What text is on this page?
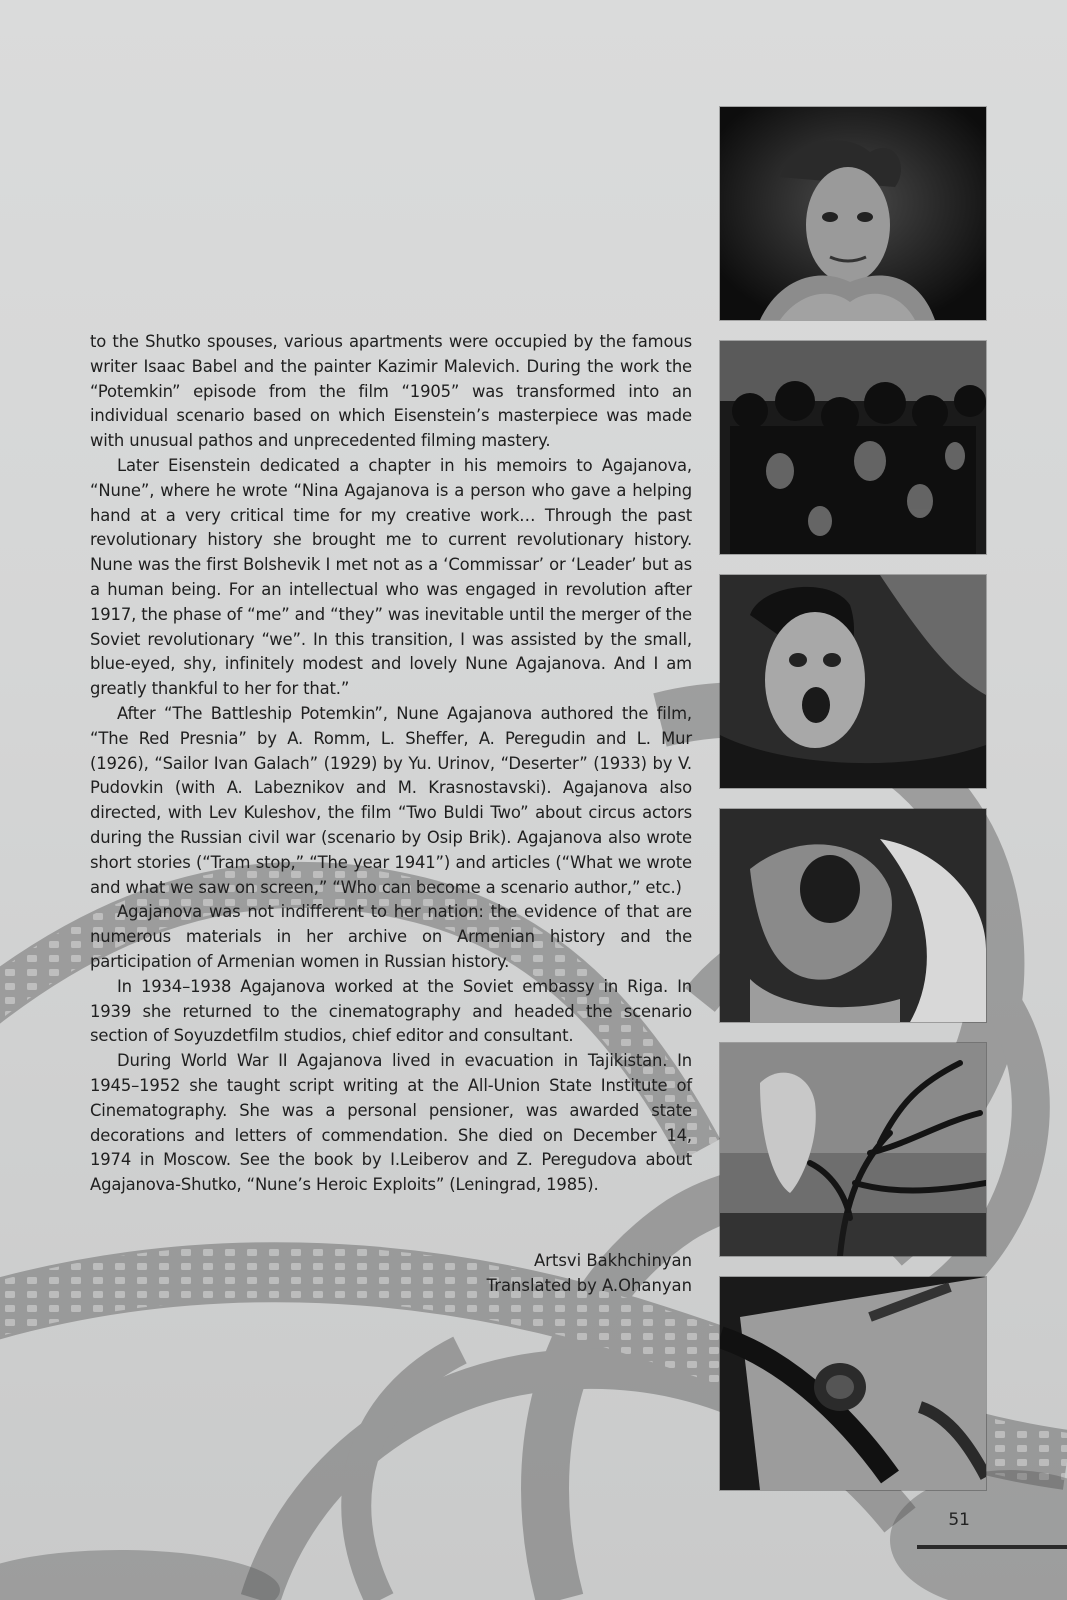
to the Shutko spouses, various apartments were occupied by the famous writer Isaac Babel and the painter Kazimir Malevich. During the work the “Potemkin” episode from the film “1905” was transformed into an individual scenario based on which Eisenstein’s masterpiece was made with unusual pathos and unprecedented filming mastery.

Later Eisenstein dedicated a chapter in his memoirs to Agajanova, “Nune”, where he wrote “Nina Agajanova is a person who gave a helping hand at a very critical time for my creative work… Through the past revolutionary history she brought me to current revolutionary history. Nune was the first Bolshevik I met not as a ‘Commissar’ or ‘Leader’ but as a human being. For an intellectual who was engaged in revolution after 1917, the phase of “me” and “they” was inevitable until the merger of the Soviet revolutionary “we”. In this transition, I was assisted by the small, blue-eyed, shy, infinitely modest and lovely Nune Agajanova. And I am greatly thankful to her for that.”

After “The Battleship Potemkin”, Nune Agajanova authored the film, “The Red Presnia” by A. Romm, L. Sheffer, A. Peregudin and L. Mur (1926), “Sailor Ivan Galach” (1929) by Yu. Urinov, “Deserter” (1933) by V. Pudovkin (with A. Labeznikov and M. Krasnostavski). Agajanova also directed, with Lev Kuleshov, the film “Two Buldi Two” about circus actors during the Russian civil war (scenario by Osip Brik). Agajanova also wrote short stories (“Tram stop,” “The year 1941”) and articles (“What we wrote and what we saw on screen,” “Who can become a scenario author,” etc.)

Agajanova was not indifferent to her nation: the evidence of that are numerous materials in her archive on Armenian history and the participation of Armenian women in Russian history.

In 1934–1938 Agajanova worked at the Soviet embassy in Riga. In 1939 she returned to the cinematography and headed the scenario section of Soyuzdetfilm studios, chief editor and consultant.

During World War II Agajanova lived in evacuation in Tajikistan. In 1945–1952 she taught script writing at the All-Union State Institute of Cinematography. She was a personal pensioner, was awarded state decorations and letters of commendation. She died on December 14, 1974 in Moscow. See the book by I.Leiberov and Z. Peregudova about Agajanova-Shutko, “Nune’s Heroic Exploits” (Leningrad, 1985).

Artsvi Bakhchinyan
Translated by A.Ohanyan
51
